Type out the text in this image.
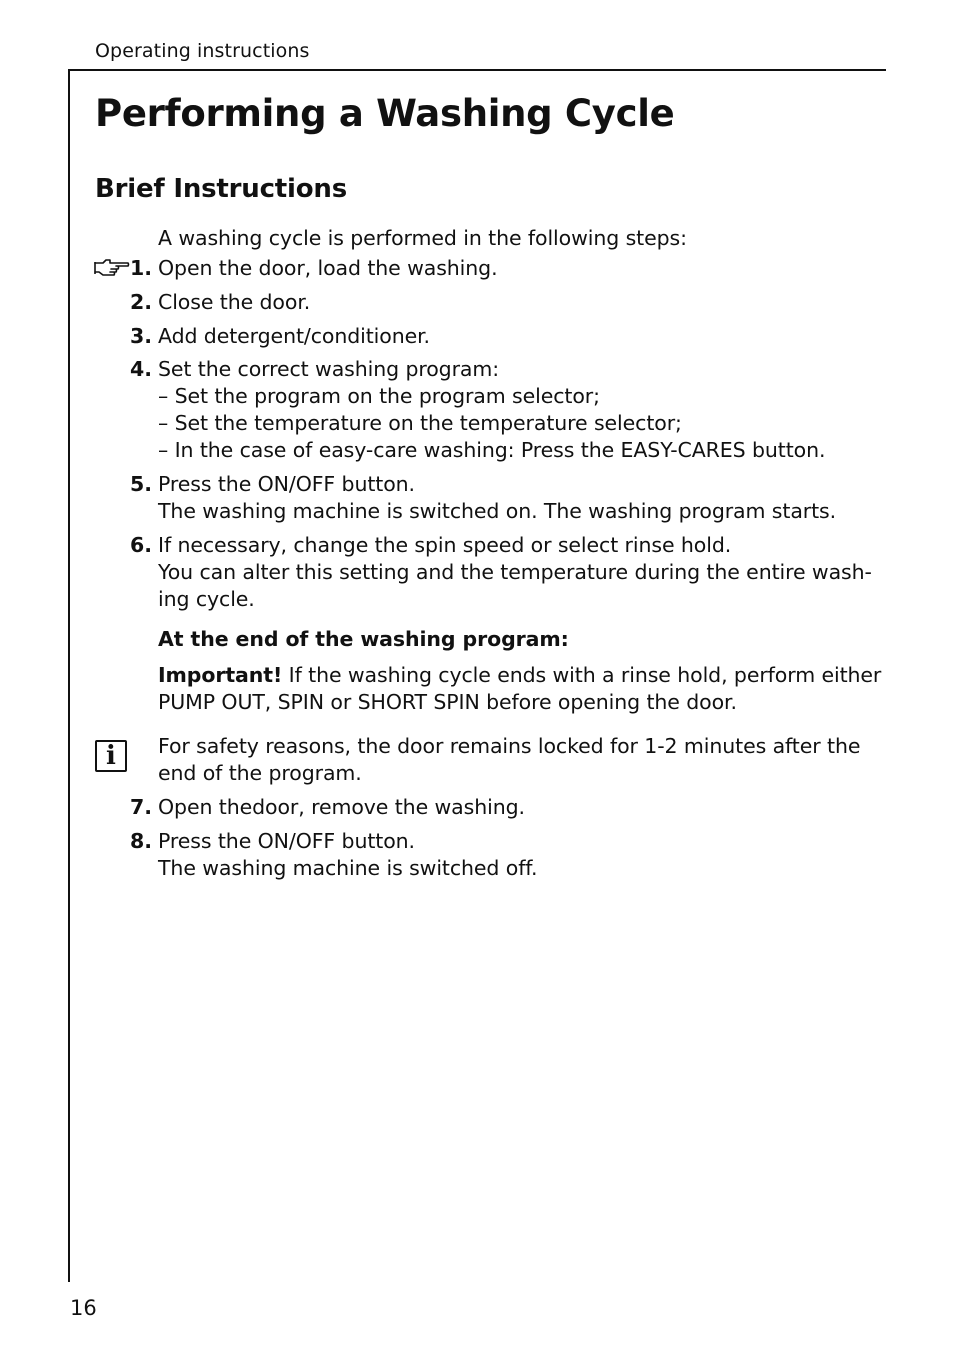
Operating instructions
Performing a Washing Cycle
Brief Instructions
A washing cycle is performed in the following steps:
1. Open the door, load the washing.
2. Close the door.
3. Add detergent/conditioner.
4. Set the correct washing program:
– Set the program on the program selector;
– Set the temperature on the temperature selector;
– In the case of easy-care washing: Press the EASY-CARES button.
5. Press the ON/OFF button.
The washing machine is switched on. The washing program starts.
6. If necessary, change the spin speed or select rinse hold.
You can alter this setting and the temperature during the entire wash-
ing cycle.
At the end of the washing program:
Important! If the washing cycle ends with a rinse hold, perform either
PUMP OUT, SPIN or SHORT SPIN before opening the door.
i	For safety reasons, the door remains locked for 1-2 minutes after the
end of the program.
7. Open thedoor, remove the washing.
8. Press the ON/OFF button.
The washing machine is switched off.
16
